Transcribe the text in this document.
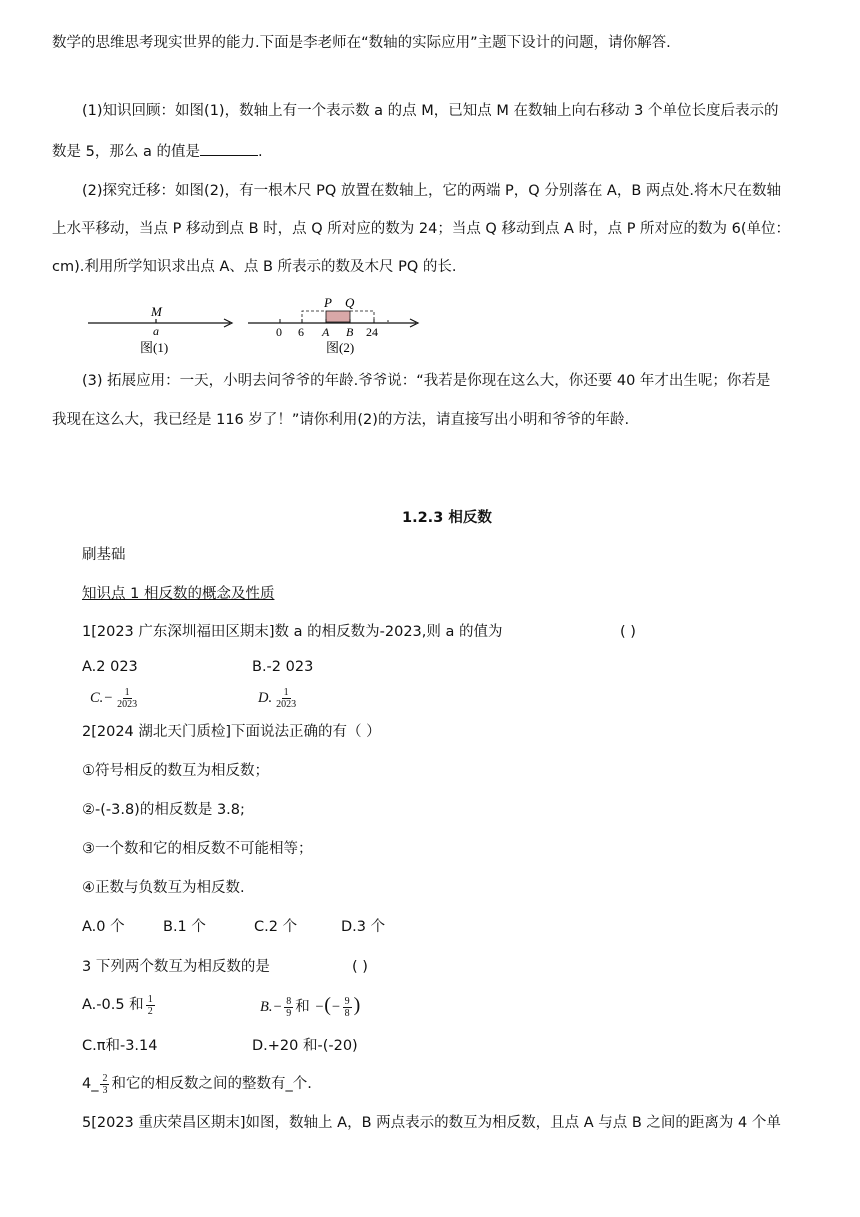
数学的思维思考现实世界的能力.下面是李老师在“数轴的实际应用”主题下设计的问题，请你解答.
(1)知识回顾：如图(1)，数轴上有一个表示数 a 的点 M，已知点 M 在数轴上向右移动 3 个单位长度后表示的
数是 5，那么 a 的值是	.
(2)探究迁移：如图(2)，有一根木尺 PQ 放置在数轴上，它的两端 P，Q 分别落在 A，B 两点处.将木尺在数轴
上水平移动，当点 P 移动到点 B 时，点 Q 所对应的数为 24；当点 Q 移动到点 A 时，点 P 所对应的数为 6(单位：
cm).利用所学知识求出点 A、点 B 所表示的数及木尺 PQ 的长.
M
a
图(1)
P Q
0 6 A B 24
图(2)
(3) 拓展应用：一天，小明去问爷爷的年龄.爷爷说：“我若是你现在这么大，你还要 40 年才出生呢；你若是
我现在这么大，我已经是 116 岁了！”请你利用(2)的方法，请直接写出小明和爷爷的年龄.
1.2.3 相反数
刷基础
知识点 1 相反数的概念及性质
1[2023 广东深圳福田区期末]数 a 的相反数为-2023,则 a 的值为	( )
A.2 023	B.-2 023
$C.- \frac{1}{2023}$	D. $\frac{1}{2023}$
2[2024 湖北天门质检]下面说法正确的有（ ）
①符号相反的数互为相反数；
②-(-3.8)的相反数是 3.8;
③一个数和它的相反数不可能相等；
④正数与负数互为相反数.
A.0 个	B.1 个	C.2 个	D.3 个
3 下列两个数互为相反数的是	( )
A.-0.5 和 $\frac{1}{2}$	$B.- \frac{8}{9}$ 和 −(− $\frac{9}{8}$ )
C.π和-3.14	D.+20 和-(-20)
4_ $\frac{2}{3}$ 和它的相反数之间的整数有_个.
5[2023 重庆荣昌区期末]如图，数轴上 A，B 两点表示的数互为相反数，且点 A 与点 B 之间的距离为 4 个单
